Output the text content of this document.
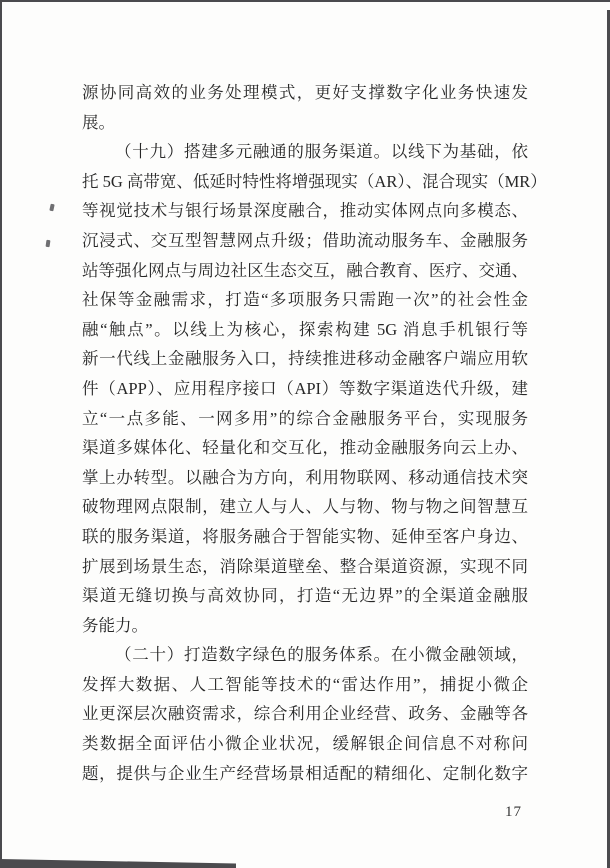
源协同高效的业务处理模式，更好支撑数字化业务快速发
展。
（十九）搭建多元融通的服务渠道。以线下为基础，依
托 5G 高带宽、低延时特性将增强现实（AR）、混合现实（MR）
等视觉技术与银行场景深度融合，推动实体网点向多模态、
沉浸式、交互型智慧网点升级；借助流动服务车、金融服务
站等强化网点与周边社区生态交互，融合教育、医疗、交通、
社保等金融需求，打造“多项服务只需跑一次”的社会性金
融“触点”。以线上为核心，探索构建 5G 消息手机银行等
新一代线上金融服务入口，持续推进移动金融客户端应用软
件（APP）、应用程序接口（API）等数字渠道迭代升级，建
立“一点多能、一网多用”的综合金融服务平台，实现服务
渠道多媒体化、轻量化和交互化，推动金融服务向云上办、
掌上办转型。以融合为方向，利用物联网、移动通信技术突
破物理网点限制，建立人与人、人与物、物与物之间智慧互
联的服务渠道，将服务融合于智能实物、延伸至客户身边、
扩展到场景生态，消除渠道壁垒、整合渠道资源，实现不同
渠道无缝切换与高效协同，打造“无边界”的全渠道金融服
务能力。
（二十）打造数字绿色的服务体系。在小微金融领域，
发挥大数据、人工智能等技术的“雷达作用”，捕捉小微企
业更深层次融资需求，综合利用企业经营、政务、金融等各
类数据全面评估小微企业状况，缓解银企间信息不对称问
题，提供与企业生产经营场景相适配的精细化、定制化数字
17
